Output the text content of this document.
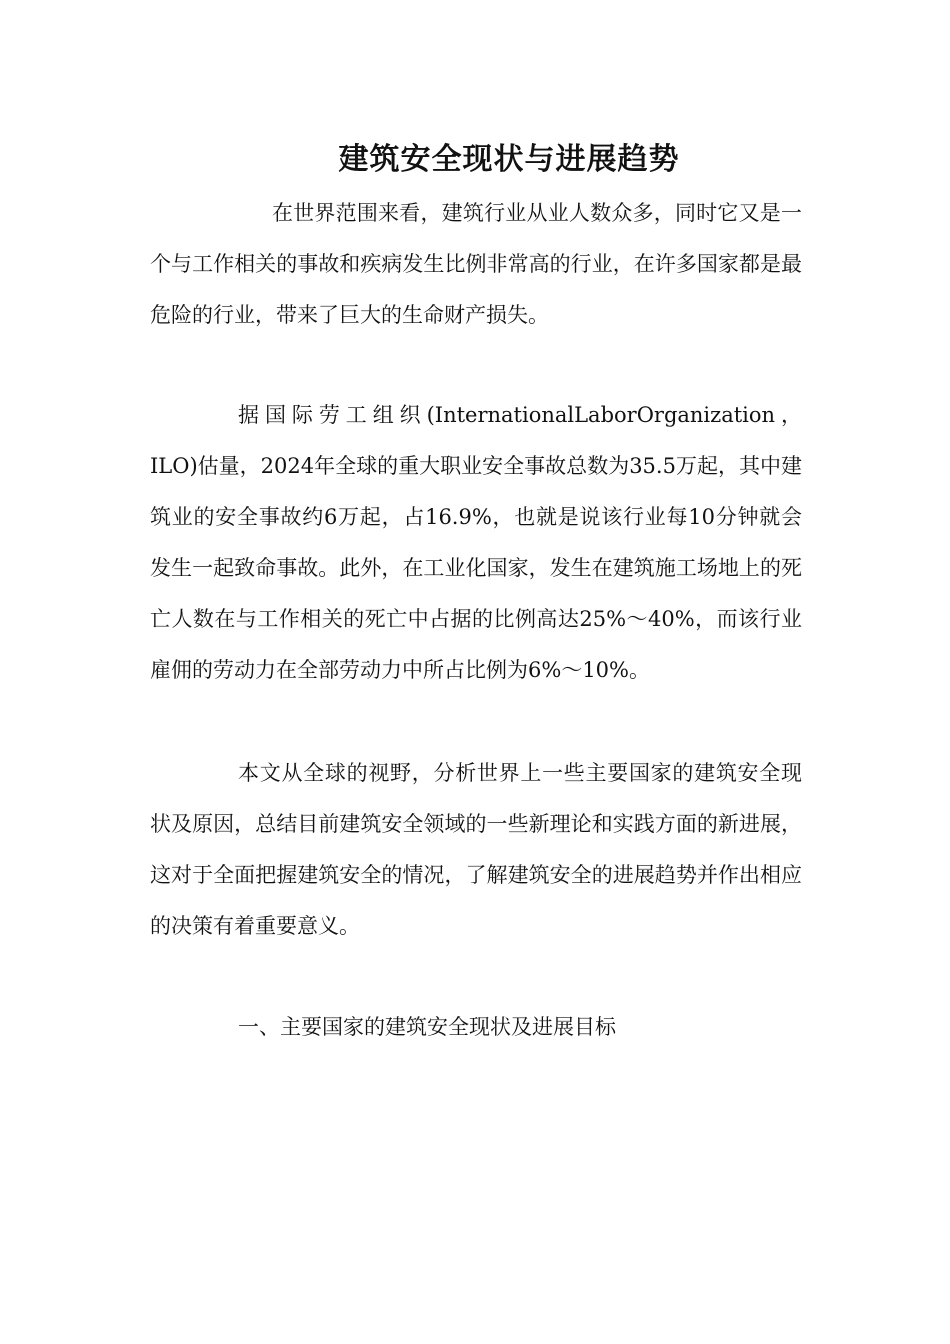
建筑安全现状与进展趋势

在世界范围来看，建筑行业从业人数众多，同时它又是一个与工作相关的事故和疾病发生比例非常高的行业，在许多国家都是最危险的行业，带来了巨大的生命财产损失。

据国际劳工组织(InternationalLaborOrganization，ILO)估量，2024年全球的重大职业安全事故总数为35.5万起，其中建筑业的安全事故约6万起，占16.9%，也就是说该行业每10分钟就会发生一起致命事故。此外，在工业化国家，发生在建筑施工场地上的死亡人数在与工作相关的死亡中占据的比例高达25%～40%，而该行业雇佣的劳动力在全部劳动力中所占比例为6%～10%。

本文从全球的视野，分析世界上一些主要国家的建筑安全现状及原因，总结目前建筑安全领域的一些新理论和实践方面的新进展，这对于全面把握建筑安全的情况，了解建筑安全的进展趋势并作出相应的决策有着重要意义。

一、主要国家的建筑安全现状及进展目标
